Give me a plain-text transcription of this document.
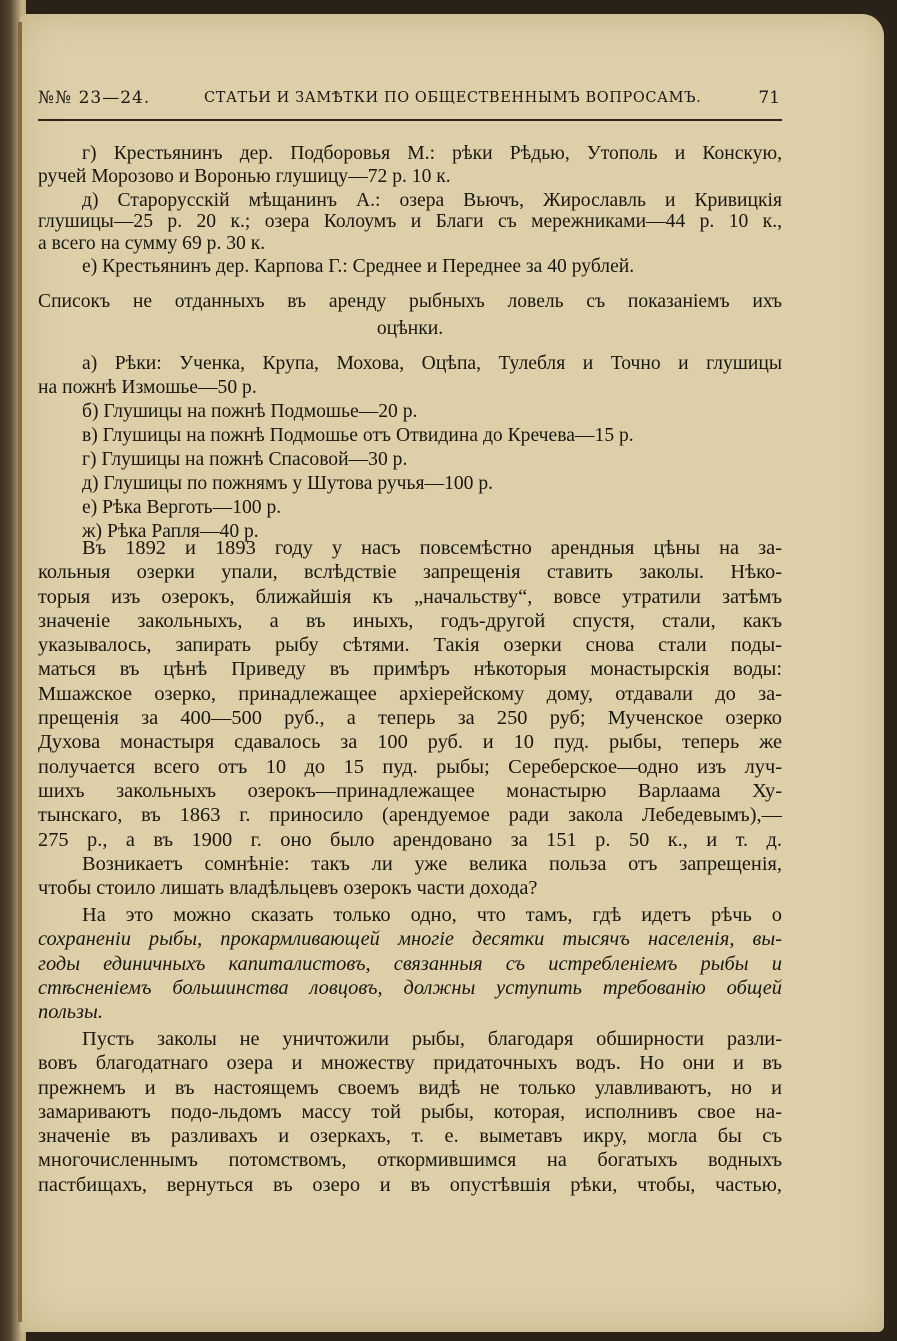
№№ 23—24.	СТАТЬИ И ЗАМѢТКИ ПО ОБЩЕСТВЕННЫМЪ ВОПРОСАМЪ.	71
г) Крестьянинъ дер. Подборовья М.: рѣки Рѣдью, Утополь и Конскую,
ручей Морозово и Воронью глушицу—72 р. 10 к.
д) Старорусскій мѣщанинъ А.: озера Вьючъ, Жирославль и Кривицкія
глушицы—25 р. 20 к.; озера Колоумъ и Благи съ мережниками—44 р. 10 к.,
а всего на сумму 69 р. 30 к.
е) Крестьянинъ дер. Карпова Г.: Среднее и Переднее за 40 рублей.
Списокъ не отданныхъ въ аренду рыбныхъ ловель съ показаніемъ ихъ
оцѣнки.
а) Рѣки: Ученка, Крупа, Мохова, Оцѣпа, Тулебля и Точно и глушицы
на пожнѣ Измошье—50 р.
б) Глушицы на пожнѣ Подмошье—20 р.
в) Глушицы на пожнѣ Подмошье отъ Отвидина до Кречева—15 р.
г) Глушицы на пожнѣ Спасовой—30 р.
д) Глушицы по пожнямъ у Шутова ручья—100 р.
е) Рѣка Верготь—100 р.
ж) Рѣка Рапля—40 р.
Въ 1892 и 1893 году у насъ повсемѣстно арендныя цѣны на за-
кольныя озерки упали, вслѣдствіе запрещенія ставить заколы. Нѣко-
торыя изъ озерокъ, ближайшія къ „начальству“, вовсе утратили затѣмъ
значеніе закольныхъ, а въ иныхъ, годъ-другой спустя, стали, какъ
указывалось, запирать рыбу сѣтями. Такія озерки снова стали поды-
маться въ цѣнѣ Приведу въ примѣръ нѣкоторыя монастырскія воды:
Мшажское озерко, принадлежащее архіерейскому дому, отдавали до за-
прещенія за 400—500 руб., а теперь за 250 руб; Мученское озерко
Духова монастыря сдавалось за 100 руб. и 10 пуд. рыбы, теперь же
получается всего отъ 10 до 15 пуд. рыбы; Сереберское—одно изъ луч-
шихъ закольныхъ озерокъ—принадлежащее монастырю Варлаама Ху-
тынскаго, въ 1863 г. приносило (арендуемое ради закола Лебедевымъ),—
275 р., а въ 1900 г. оно было арендовано за 151 р. 50 к., и т. д.
Возникаетъ сомнѣніе: такъ ли уже велика польза отъ запрещенія,
чтобы стоило лишать владѣльцевъ озерокъ части дохода?
На это можно сказать только одно, что тамъ, гдѣ идетъ рѣчь о
сохраненіи рыбы, прокармливающей многіе десятки тысячъ населенія, вы-
годы единичныхъ капиталистовъ, связанныя съ истребленіемъ рыбы и
стѣсненіемъ большинства ловцовъ, должны уступить требованію общей
пользы.
Пусть заколы не уничтожили рыбы, благодаря обширности разли-
вовъ благодатнаго озера и множеству придаточныхъ водъ. Но они и въ
прежнемъ и въ настоящемъ своемъ видѣ не только улавливаютъ, но и
замариваютъ подо-льдомъ массу той рыбы, которая, исполнивъ свое на-
значеніе въ разливахъ и озеркахъ, т. е. выметавъ икру, могла бы съ
многочисленнымъ потомствомъ, откормившимся на богатыхъ водныхъ
пастбищахъ, вернуться въ озеро и въ опустѣвшія рѣки, чтобы, частью,
